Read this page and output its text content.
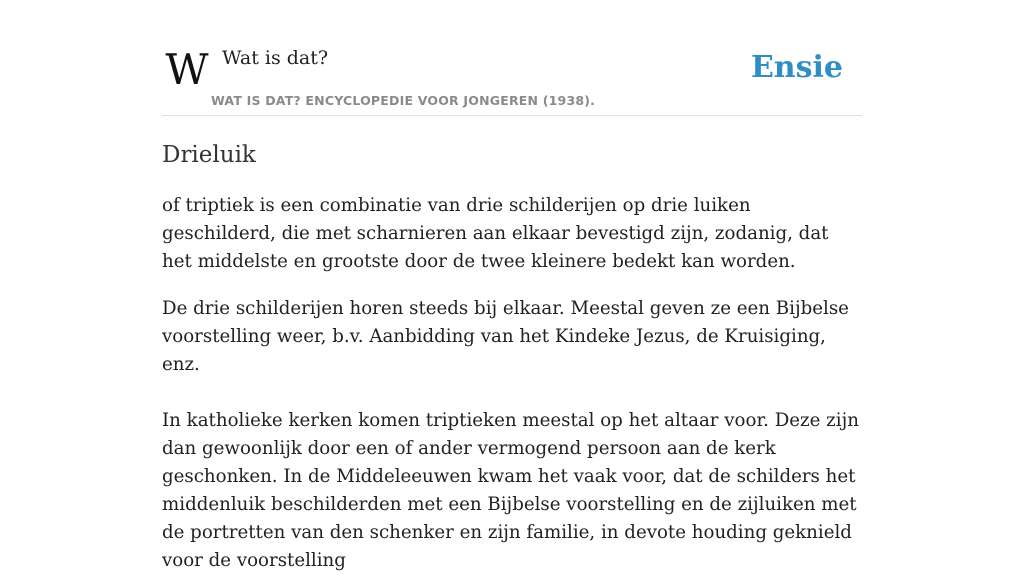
W Wat is dat?
WAT IS DAT? ENCYCLOPEDIE VOOR JONGEREN (1938).
Ensie
Drieluik

of triptiek is een combinatie van drie schilderijen op drie luiken geschilderd, die met scharnieren aan elkaar bevestigd zijn, zodanig, dat het middelste en grootste door de twee kleinere bedekt kan worden.

De drie schilderijen horen steeds bij elkaar. Meestal geven ze een Bijbelse voorstelling weer, b.v. Aanbidding van het Kindeke Jezus, de Kruisiging, enz.

In katholieke kerken komen triptieken meestal op het altaar voor. Deze zijn dan gewoonlijk door een of ander vermogend persoon aan de kerk geschonken. In de Middeleeuwen kwam het vaak voor, dat de schilders het middenluik beschilderden met een Bijbelse voorstelling en de zijluiken met de portretten van den schenker en zijn familie, in devote houding geknield voor de voorstelling
